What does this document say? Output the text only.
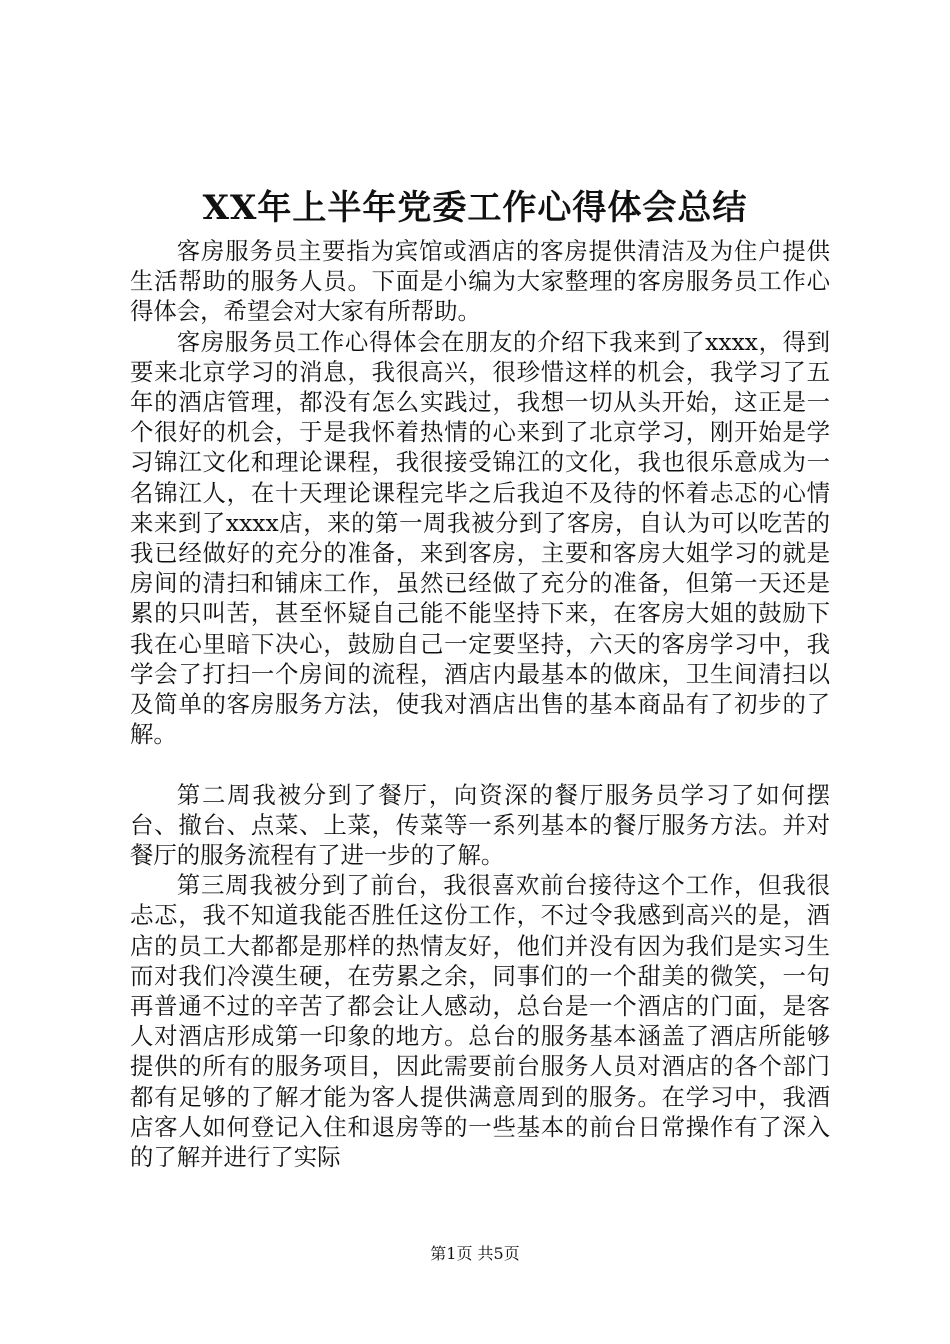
XX年上半年党委工作心得体会总结

客房服务员主要指为宾馆或酒店的客房提供清洁及为住户提供生活帮助的服务人员。下面是小编为大家整理的客房服务员工作心得体会，希望会对大家有所帮助。

客房服务员工作心得体会在朋友的介绍下我来到了xxxx，得到要来北京学习的消息，我很高兴，很珍惜这样的机会，我学习了五年的酒店管理，都没有怎么实践过，我想一切从头开始，这正是一个很好的机会，于是我怀着热情的心来到了北京学习，刚开始是学习锦江文化和理论课程，我很接受锦江的文化，我也很乐意成为一名锦江人，在十天理论课程完毕之后我迫不及待的怀着忐忑的心情来来到了xxxx店，来的第一周我被分到了客房，自认为可以吃苦的我已经做好的充分的准备，来到客房，主要和客房大姐学习的就是房间的清扫和铺床工作，虽然已经做了充分的准备，但第一天还是累的只叫苦，甚至怀疑自己能不能坚持下来，在客房大姐的鼓励下我在心里暗下决心，鼓励自己一定要坚持，六天的客房学习中，我学会了打扫一个房间的流程，酒店内最基本的做床，卫生间清扫以及简单的客房服务方法，使我对酒店出售的基本商品有了初步的了解。

第二周我被分到了餐厅，向资深的餐厅服务员学习了如何摆台、撤台、点菜、上菜，传菜等一系列基本的餐厅服务方法。并对餐厅的服务流程有了进一步的了解。

第三周我被分到了前台，我很喜欢前台接待这个工作，但我很忐忑，我不知道我能否胜任这份工作，不过令我感到高兴的是，酒店的员工大都都是那样的热情友好，他们并没有因为我们是实习生而对我们冷漠生硬，在劳累之余，同事们的一个甜美的微笑，一句再普通不过的辛苦了都会让人感动，总台是一个酒店的门面，是客人对酒店形成第一印象的地方。总台的服务基本涵盖了酒店所能够提供的所有的服务项目，因此需要前台服务人员对酒店的各个部门都有足够的了解才能为客人提供满意周到的服务。在学习中，我酒店客人如何登记入住和退房等的一些基本的前台日常操作有了深入的了解并进行了实际

第1页 共5页
